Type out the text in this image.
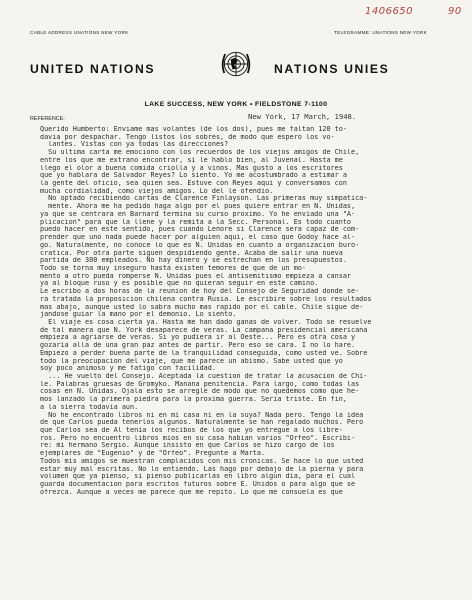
1406650	90
CABLE ADDRESS UNATIONS NEW YORK	TELEGRAMME: UNATIONS NEW YORK
UNITED NATIONS	NATIONS UNIES
LAKE SUCCESS, NEW YORK • FIELDSTONE 7-1100
REFERENCE:	New York, 17 March, 1948.
Querido Humberto: Envíame mas volantes (de los dos), pues me faltan 120 to-
davia por despachar. Tengo listos los sobres, de modo que espero los vo-
lantes. Vistas con ya todas las direcciones?
Su ultima carta me emociono con los recuerdos de los viejos amigos de Chile,
entre los que me extrano encontrar, si le hablo bien, al Juvenal. Hasta me
llego el olor a buena comida criolla y a vinos. Mas gusto a los escritores
que yo hablara de Salvador Reyes? Lo siento. Yo me acostumbrado a estimar a
la gente del oficio, sea quien sea. Estuve con Reyes aqui y conversamos con
mucha cordialidad, como viejos amigos. Lo del le ofendio.
No optado recibiendo cartas de Clarence Finlayson. Las primeras muy simpatica-
mente. Ahora me ha pedido haga algo por el pues quiere entrar en N. Unidas,
ya que se centrara en Barnard termina su curso proximo. Yo he enviado una "A-
plicacion" para que la llene y la remita a la Secc. Personal. Es todo cuanto
puedo hacer en este sentido, pues cuando Lenore si Clarence sera capaz de com-
prender que uno nada puede hacer por alguien aqui, el caso que Godoy hace al-
go. Naturalmente, no conoce lo que es N. Unidas en cuanto a organizacion buro-
cratica. Por otra parte siguen despidiendo gente. Acaba de salir una nueva
partida de 300 empleados. No hay dinero y se estrechan en los presupuestos.
Todo se torna muy inseguro hasta existen temores de que de un mo-
mento a otro pueda romperse N. Unidas pues el antisemitismo empieza a cansar
ya al bloque ruso y es posible que no quieran seguir en este camino.
Le escribo a dos horas de la reunion de hoy del Consejo de Seguridad donde se-
ra tratada la proposicion chilena contra Rusia. Le escribire sobre los resultados
mas abajo, aunque usted lo sabra mucho mas rapido por el cable. Chile sigue de-
jandose guiar la mano por el demonio. Lo siento.
El viaje es cosa cierta ya. Hasta me han dado ganas de volver. Todo se resuelve
de tal manera que N. York desaparece de veras. La campana presidencial americana
empieza a agriarse de veras. Si yo pudiera ir al Oeste... Pero es otra cosa y
gozaria alla de una gran paz antes de partir. Pero eso se cara. I no lo hare.
Empiezo a perder buena parte de la tranquilidad conseguida, como usted ve. Sobre
todo la preocupacion del viaje, que me parece un abismo. Sabe usted que yo
soy poco animoso y me fatigo con facilidad.
... He vuelto del Consejo. Aceptada la cuestion de tratar la acusacion de Chi-
le. Palabras gruesas de Gromyko. Manana penitencia. Para largo, como todas las
cosas en N. Unidas. Ojala esto se arregle de modo que no quedemos como que he-
mos lanzado la primera piedra para la proxima guerra. Seria triste. En fin,
a la sierra todavia aun.
No he encontrado libros ni en mi casa ni en la suya? Nada pero. Tengo la idea
de que Carlos pueda tenerlos algunos. Naturalmente se han regalado muchos. Pero
que Carlos sea de Al tenia los recibos de los que yo entregue a los libre-
ros. Pero no encuentro libros mios en su casa habian varios "Orfeo". Escribi-
re: mi hermano Sergio. Aunque insisto en que Carlos se hizo cargo de los
ejemplares de "Eugenio" y de "Orfeo". Pregunte a Marta.
Todos mis amigos se muestran complacidos con mis cronicas. Se hace lo que usted
estar muy mal escritas. No lo entiendo. Las hago por debajo de la pierna y para
volumen que ya pienso, si pienso publicarlas en libro algun dia, para el cual
guarda documentacion para escritos futuros sobre E. Unidos o para algo que se
ofrezca. Aunque a veces me parece que me repito. Lo que me consuela es que
